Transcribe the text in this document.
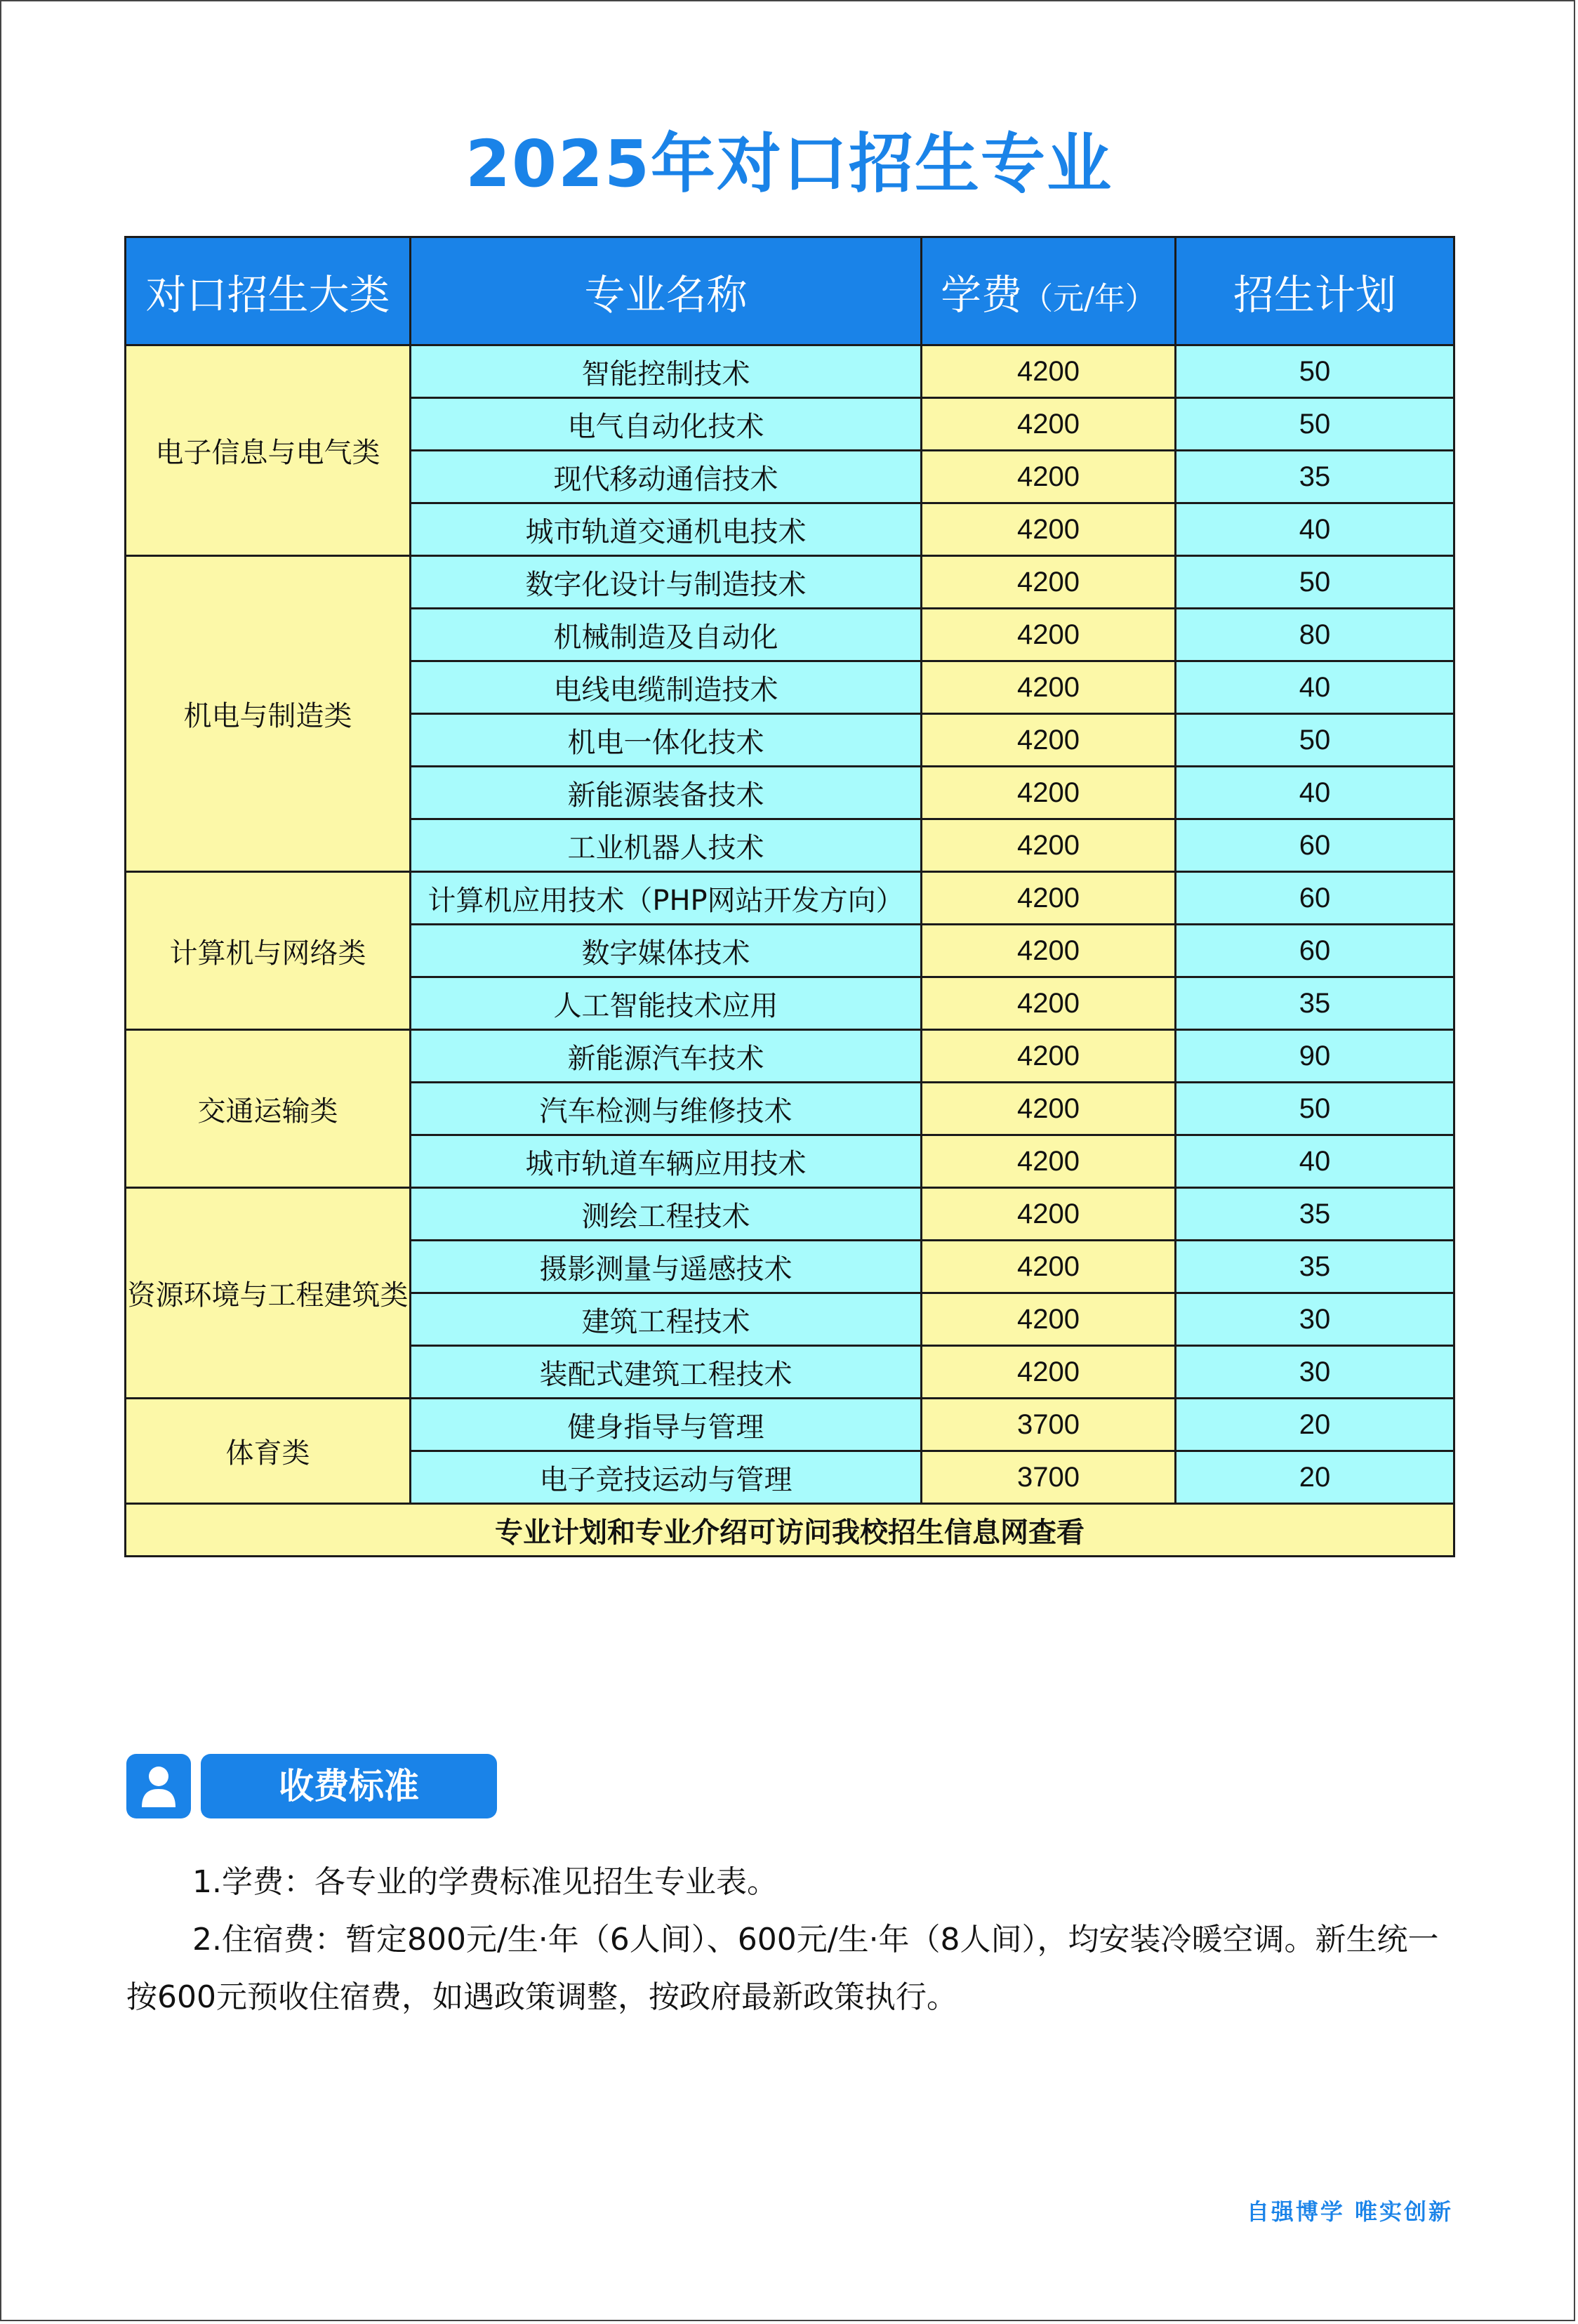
2025年对口招生专业
对口招生大类	专业名称	学费（元/年）	招生计划
电子信息与电气类	智能控制技术	4200	50
	电气自动化技术	4200	50
	现代移动通信技术	4200	35
	城市轨道交通机电技术	4200	40
机电与制造类	数字化设计与制造技术	4200	50
	机械制造及自动化	4200	80
	电线电缆制造技术	4200	40
	机电一体化技术	4200	50
	新能源装备技术	4200	40
	工业机器人技术	4200	60
计算机与网络类	计算机应用技术（PHP网站开发方向）	4200	60
	数字媒体技术	4200	60
	人工智能技术应用	4200	35
交通运输类	新能源汽车技术	4200	90
	汽车检测与维修技术	4200	50
	城市轨道车辆应用技术	4200	40
资源环境与工程建筑类	测绘工程技术	4200	35
	摄影测量与遥感技术	4200	35
	建筑工程技术	4200	30
	装配式建筑工程技术	4200	30
体育类	健身指导与管理	3700	20
	电子竞技运动与管理	3700	20
专业计划和专业介绍可访问我校招生信息网查看			
收费标准

1.学费：各专业的学费标准见招生专业表。

2.住宿费：暂定800元/生·年（6人间）、600元/生·年（8人间），均安装冷暖空调。新生统一按600元预收住宿费，如遇政策调整，按政府最新政策执行。

自强博学 唯实创新
